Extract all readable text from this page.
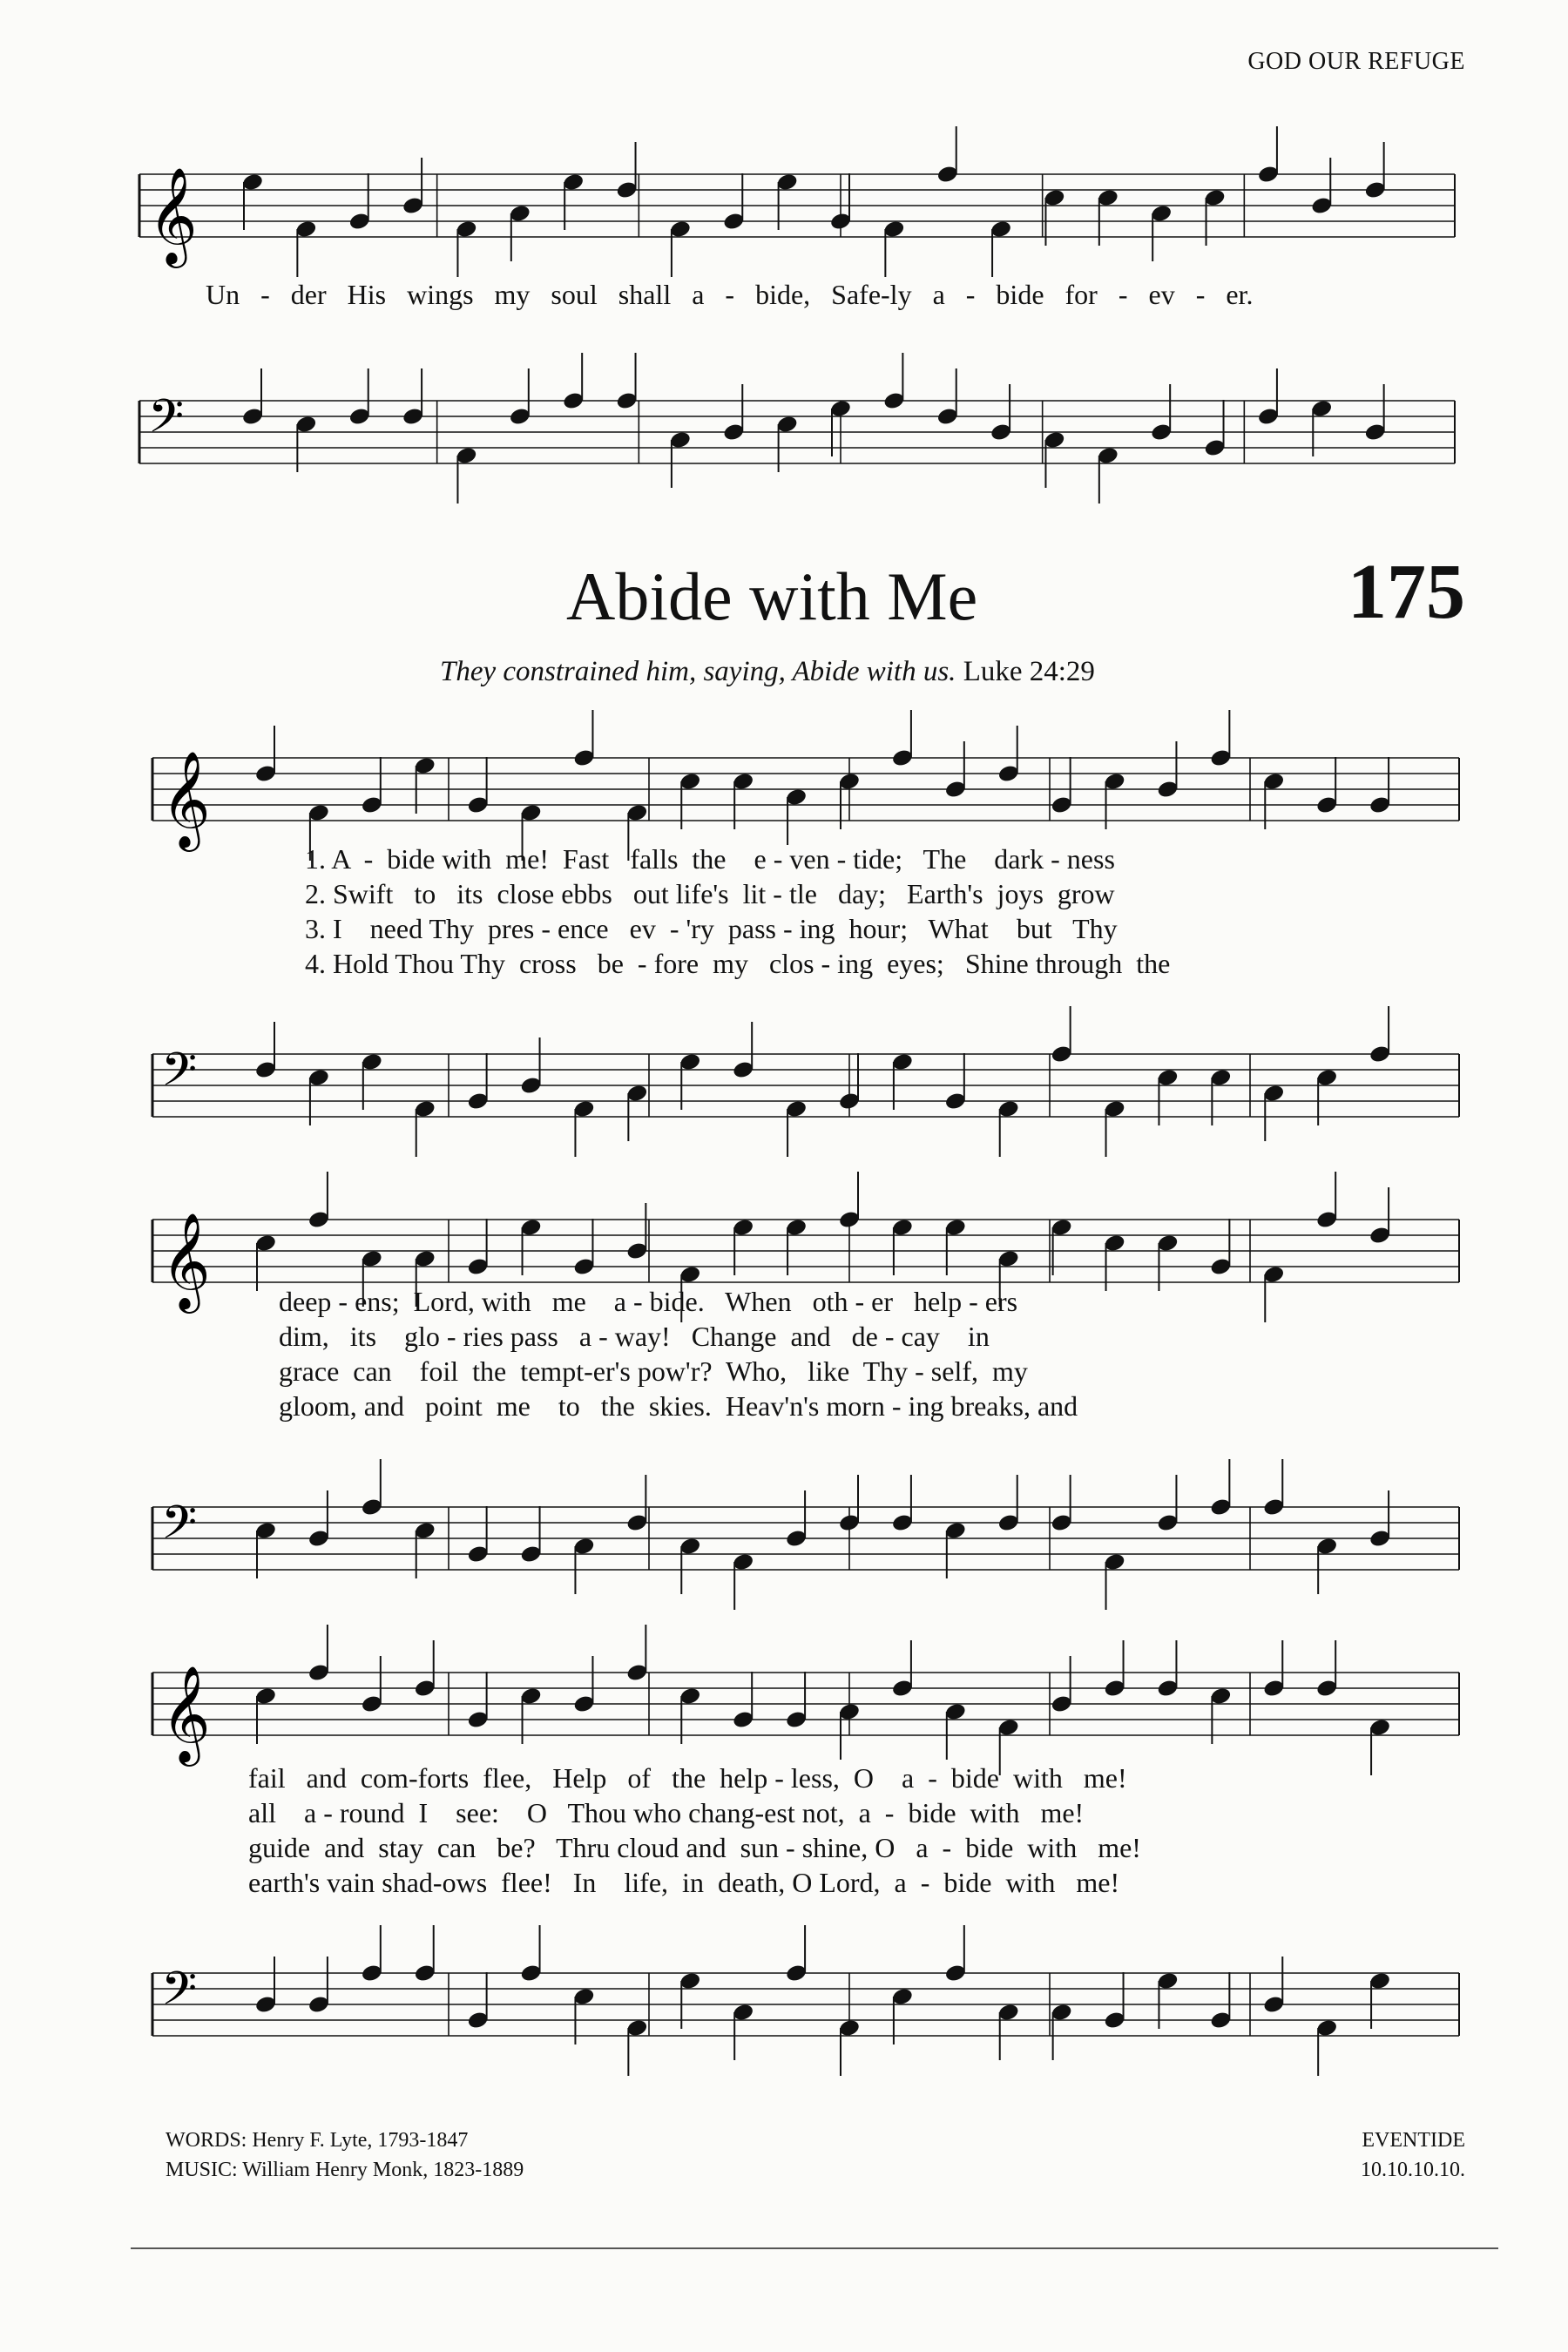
GOD OUR REFUGE
𝄞
Un - der His wings my soul shall a - bide, Safe-ly a - bide for - ev - er.
𝄢
Abide with Me	175
They constrained him, saying, Abide with us. Luke 24:29
𝄞
1. A  -  bide with  me!  Fast   falls  the    e - ven - tide;   The    dark - ness
2. Swift   to   its  close ebbs   out life's  lit - tle   day;   Earth's  joys  grow
3. I    need Thy  pres - ence   ev  - 'ry  pass - ing  hour;   What    but   Thy
4. Hold Thou Thy  cross   be  - fore  my   clos - ing  eyes;   Shine through  the
𝄢
𝄞 deep - ens;  Lord, with   me    a - bide.   When   oth - er   help - ers
dim,   its    glo - ries pass   a - way!   Change  and   de - cay    in
grace  can    foil  the  tempt-er's pow'r?  Who,   like  Thy - self,  my
gloom, and   point  me    to   the  skies.  Heav'n's morn - ing breaks, and
𝄢
𝄞
fail   and  com-forts  flee,   Help   of   the  help - less,  O    a  -  bide  with   me!
all    a - round  I    see:    O   Thou who chang-est not,  a  -  bide  with   me!
guide  and  stay  can   be?   Thru cloud and  sun - shine, O   a  -  bide  with   me!
earth's vain shad-ows  flee!   In    life,  in  death, O Lord,  a  -  bide  with   me!
𝄢
WORDS: Henry F. Lyte, 1793-1847
MUSIC: William Henry Monk, 1823-1889
EVENTIDE
10.10.10.10.
